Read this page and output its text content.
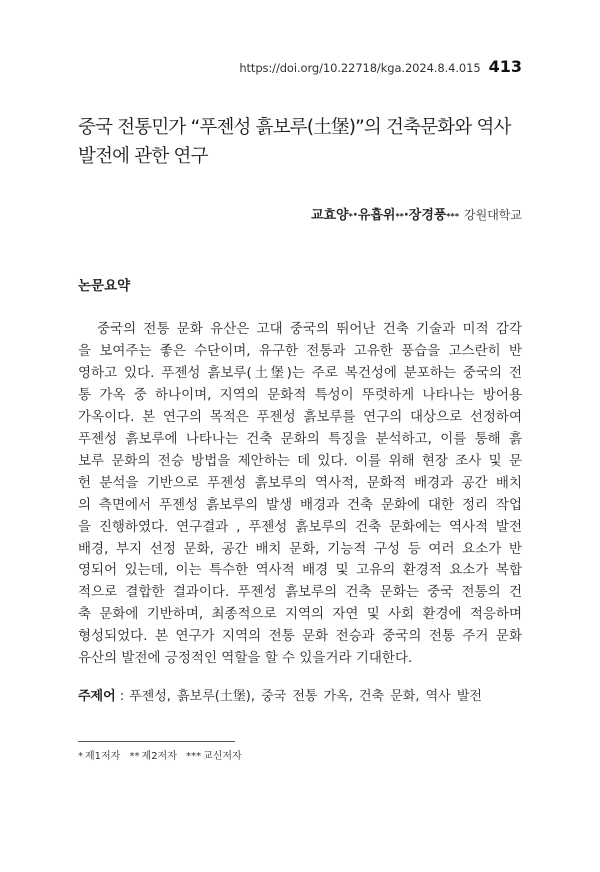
https://doi.org/10.22718/kga.2024.8.4.015 413
중국 전통민가 “푸젠성 흙보루(土堡)”의 건축문화와 역사
발전에 관한 연구
교효양 * · 유흡위 ** · 장경풍 *** 강원대학교
논문요약
중국의 전통 문화 유산은 고대 중국의 뛰어난 건축 기술과 미적 감각
을 보여주는 좋은 수단이며, 유구한 전통과 고유한 풍습을 고스란히 반
영하고 있다. 푸젠성 흙보루(土堡)는 주로 복건성에 분포하는 중국의 전
통 가옥 중 하나이며, 지역의 문화적 특성이 뚜렷하게 나타나는 방어용
가옥이다. 본 연구의 목적은 푸젠성 흙보루를 연구의 대상으로 선정하여
푸젠성 흙보루에 나타나는 건축 문화의 특징을 분석하고, 이를 통해 흙
보루 문화의 전승 방법을 제안하는 데 있다. 이를 위해 현장 조사 및 문
헌 분석을 기반으로 푸젠성 흙보루의 역사적, 문화적 배경과 공간 배치
의 측면에서 푸젠성 흙보루의 발생 배경과 건축 문화에 대한 정리 작업
을 진행하였다. 연구결과 , 푸젠성 흙보루의 건축 문화에는 역사적 발전
배경, 부지 선정 문화, 공간 배치 문화, 기능적 구성 등 여러 요소가 반
영되어 있는데, 이는 특수한 역사적 배경 및 고유의 환경적 요소가 복합
적으로 결합한 결과이다. 푸젠성 흙보루의 건축 문화는 중국 전통의 건
축 문화에 기반하며, 최종적으로 지역의 자연 및 사회 환경에 적응하며
형성되었다. 본 연구가 지역의 전통 문화 전승과 중국의 전통 주거 문화
유산의 발전에 긍정적인 역할을 할 수 있을거라 기대한다.
주제어 : 푸젠성, 흙보루(土堡), 중국 전통 가옥, 건축 문화, 역사 발전
* 제1저자 ** 제2저자 *** 교신저자
